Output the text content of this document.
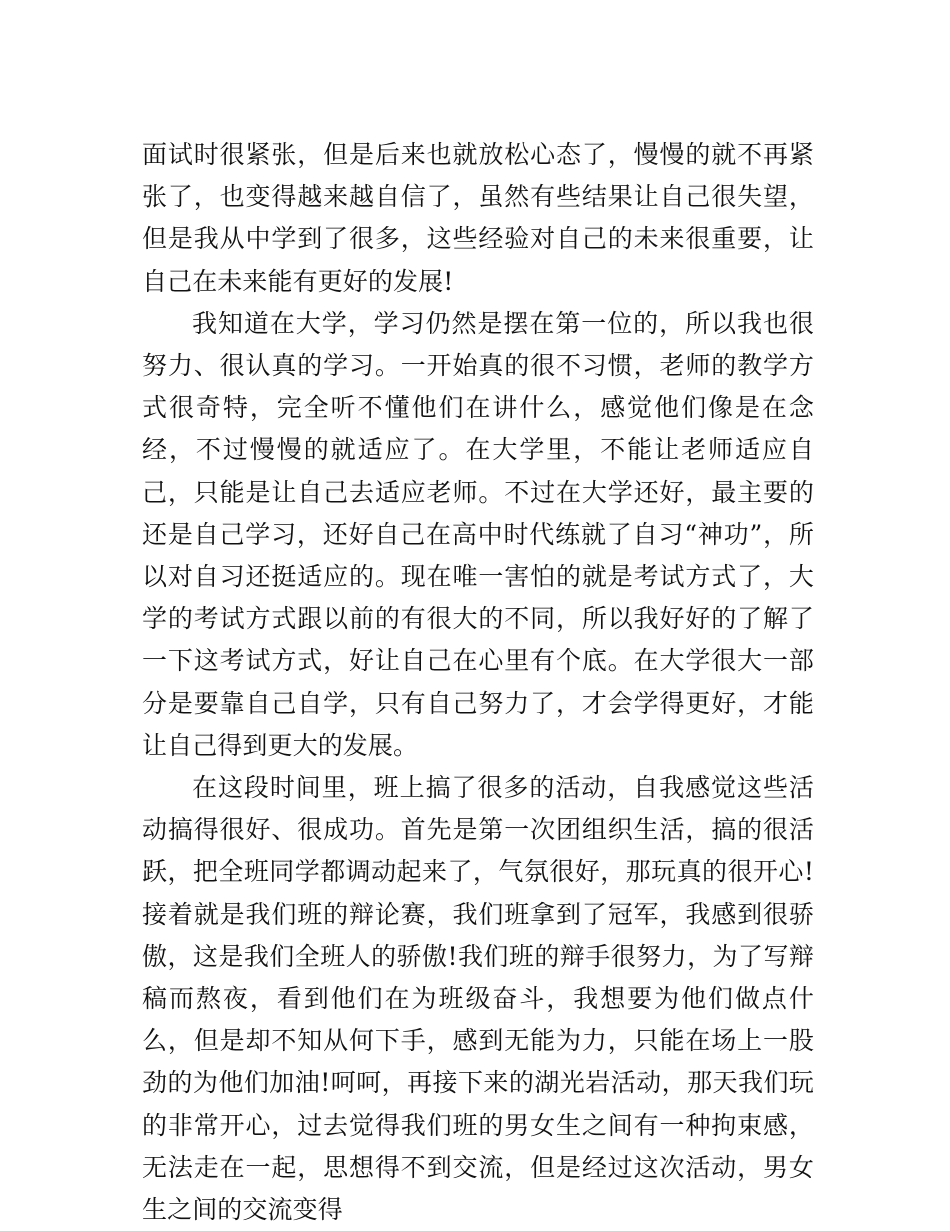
面试时很紧张，但是后来也就放松心态了，慢慢的就不再紧张了，也变得越来越自信了，虽然有些结果让自己很失望，但是我从中学到了很多，这些经验对自己的未来很重要，让自己在未来能有更好的发展!

我知道在大学，学习仍然是摆在第一位的，所以我也很努力、很认真的学习。一开始真的很不习惯，老师的教学方式很奇特，完全听不懂他们在讲什么，感觉他们像是在念经，不过慢慢的就适应了。在大学里，不能让老师适应自己，只能是让自己去适应老师。不过在大学还好，最主要的还是自己学习，还好自己在高中时代练就了自习“神功”，所以对自习还挺适应的。现在唯一害怕的就是考试方式了，大学的考试方式跟以前的有很大的不同，所以我好好的了解了一下这考试方式，好让自己在心里有个底。在大学很大一部分是要靠自己自学，只有自己努力了，才会学得更好，才能让自己得到更大的发展。

在这段时间里，班上搞了很多的活动，自我感觉这些活动搞得很好、很成功。首先是第一次团组织生活，搞的很活跃，把全班同学都调动起来了，气氛很好，那玩真的很开心!接着就是我们班的辩论赛，我们班拿到了冠军，我感到很骄傲，这是我们全班人的骄傲!我们班的辩手很努力，为了写辩稿而熬夜，看到他们在为班级奋斗，我想要为他们做点什么，但是却不知从何下手，感到无能为力，只能在场上一股劲的为他们加油!呵呵，再接下来的湖光岩活动，那天我们玩的非常开心，过去觉得我们班的男女生之间有一种拘束感，无法走在一起，思想得不到交流，但是经过这次活动，男女生之间的交流变得
